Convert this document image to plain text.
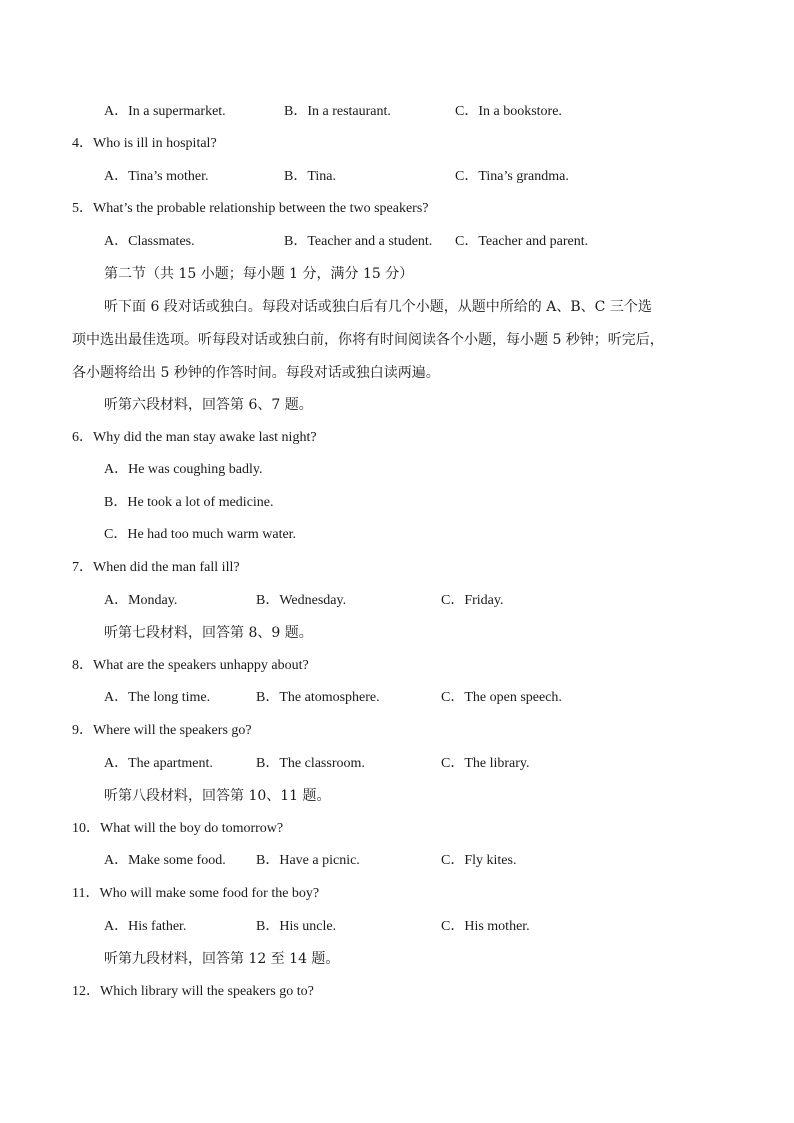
A．In a supermarket.	B．In a restaurant.	C．In a bookstore.
4．Who is ill in hospital?
A．Tina’s mother.	B．Tina.	C．Tina’s grandma.
5．What’s the probable relationship between the two speakers?
A．Classmates.	B．Teacher and a student. C．Teacher and parent.
第二节（共 15 小题；每小题 1 分，满分 15 分）
听下面 6 段对话或独白。每段对话或独白后有几个小题，从题中所给的 A、B、C 三个选
项中选出最佳选项。听每段对话或独白前，你将有时间阅读各个小题，每小题 5 秒钟；听完后，
各小题将给出 5 秒钟的作答时间。每段对话或独白读两遍。
听第六段材料，回答第 6、7 题。
6．Why did the man stay awake last night?
A．He was coughing badly.
B．He took a lot of medicine.
C．He had too much warm water.
7．When did the man fall ill?
A．Monday.	B．Wednesday.	C．Friday.
听第七段材料，回答第 8、9 题。
8．What are the speakers unhappy about?
A．The long time.	B．The atomosphere.	C．The open speech.
9．Where will the speakers go?
A．The apartment.	B．The classroom.	C．The library.
听第八段材料，回答第 10、11 题。
10．What will the boy do tomorrow?
A．Make some food. B．Have a picnic.	C．Fly kites.
11．Who will make some food for the boy?
A．His father.	B．His uncle.	C．His mother.
听第九段材料，回答第 12 至 14 题。
12．Which library will the speakers go to?
